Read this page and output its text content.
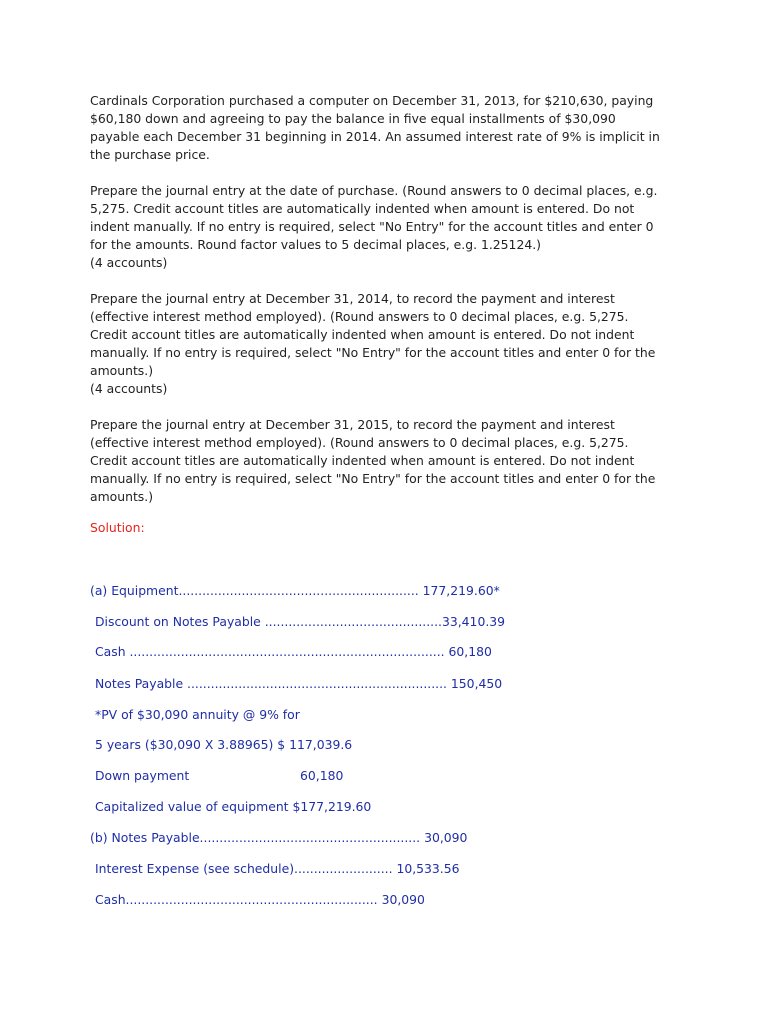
Cardinals Corporation purchased a computer on December 31, 2013, for $210,630, paying
$60,180 down and agreeing to pay the balance in five equal installments of $30,090
payable each December 31 beginning in 2014. An assumed interest rate of 9% is implicit in
the purchase price.

Prepare the journal entry at the date of purchase. (Round answers to 0 decimal places, e.g.
5,275. Credit account titles are automatically indented when amount is entered. Do not
indent manually. If no entry is required, select "No Entry" for the account titles and enter 0
for the amounts. Round factor values to 5 decimal places, e.g. 1.25124.)
(4 accounts)

Prepare the journal entry at December 31, 2014, to record the payment and interest
(effective interest method employed). (Round answers to 0 decimal places, e.g. 5,275.
Credit account titles are automatically indented when amount is entered. Do not indent
manually. If no entry is required, select "No Entry" for the account titles and enter 0 for the
amounts.)
(4 accounts)

Prepare the journal entry at December 31, 2015, to record the payment and interest
(effective interest method employed). (Round answers to 0 decimal places, e.g. 5,275.
Credit account titles are automatically indented when amount is entered. Do not indent
manually. If no entry is required, select "No Entry" for the account titles and enter 0 for the
amounts.)

Solution:
(a) Equipment............................................................. 177,219.60*
Discount on Notes Payable .............................................33,410.39
Cash ................................................................................ 60,180
Notes Payable .................................................................. 150,450
*PV of $30,090 annuity @ 9% for
5 years ($30,090 X 3.88965) $ 117,039.6
Down payment	60,180
Capitalized value of equipment $177,219.60
(b) Notes Payable........................................................ 30,090
Interest Expense (see schedule)......................... 10,533.56
Cash................................................................ 30,090
